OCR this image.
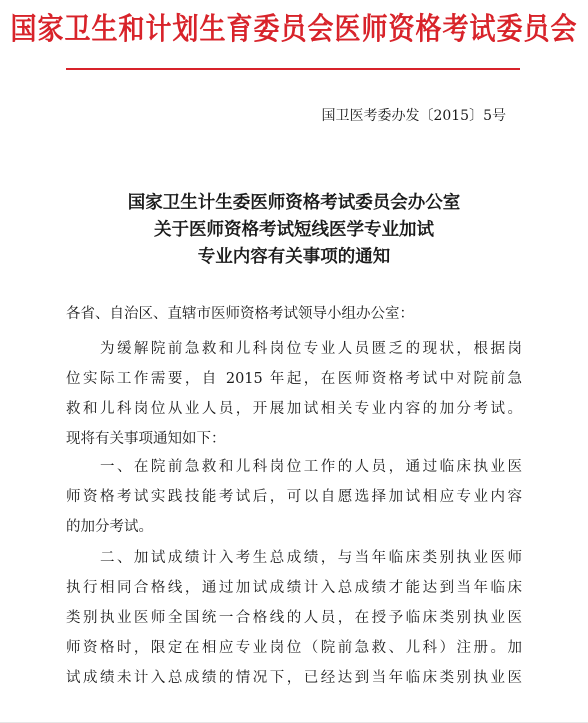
国家卫生和计划生育委员会医师资格考试委员会
国卫医考委办发〔2015〕5号
国家卫生计生委医师资格考试委员会办公室
关于医师资格考试短线医学专业加试
专业内容有关事项的通知
各省、自治区、直辖市医师资格考试领导小组办公室：
　　为缓解院前急救和儿科岗位专业人员匮乏的现状，根据岗
位实际工作需要，自 2015 年起，在医师资格考试中对院前急
救和儿科岗位从业人员，开展加试相关专业内容的加分考试。
现将有关事项通知如下：
　　一、在院前急救和儿科岗位工作的人员，通过临床执业医
师资格考试实践技能考试后，可以自愿选择加试相应专业内容
的加分考试。
　　二、加试成绩计入考生总成绩，与当年临床类别执业医师
执行相同合格线，通过加试成绩计入总成绩才能达到当年临床
类别执业医师全国统一合格线的人员，在授予临床类别执业医
师资格时，限定在相应专业岗位（院前急救、儿科）注册。加
试成绩未计入总成绩的情况下，已经达到当年临床类别执业医
